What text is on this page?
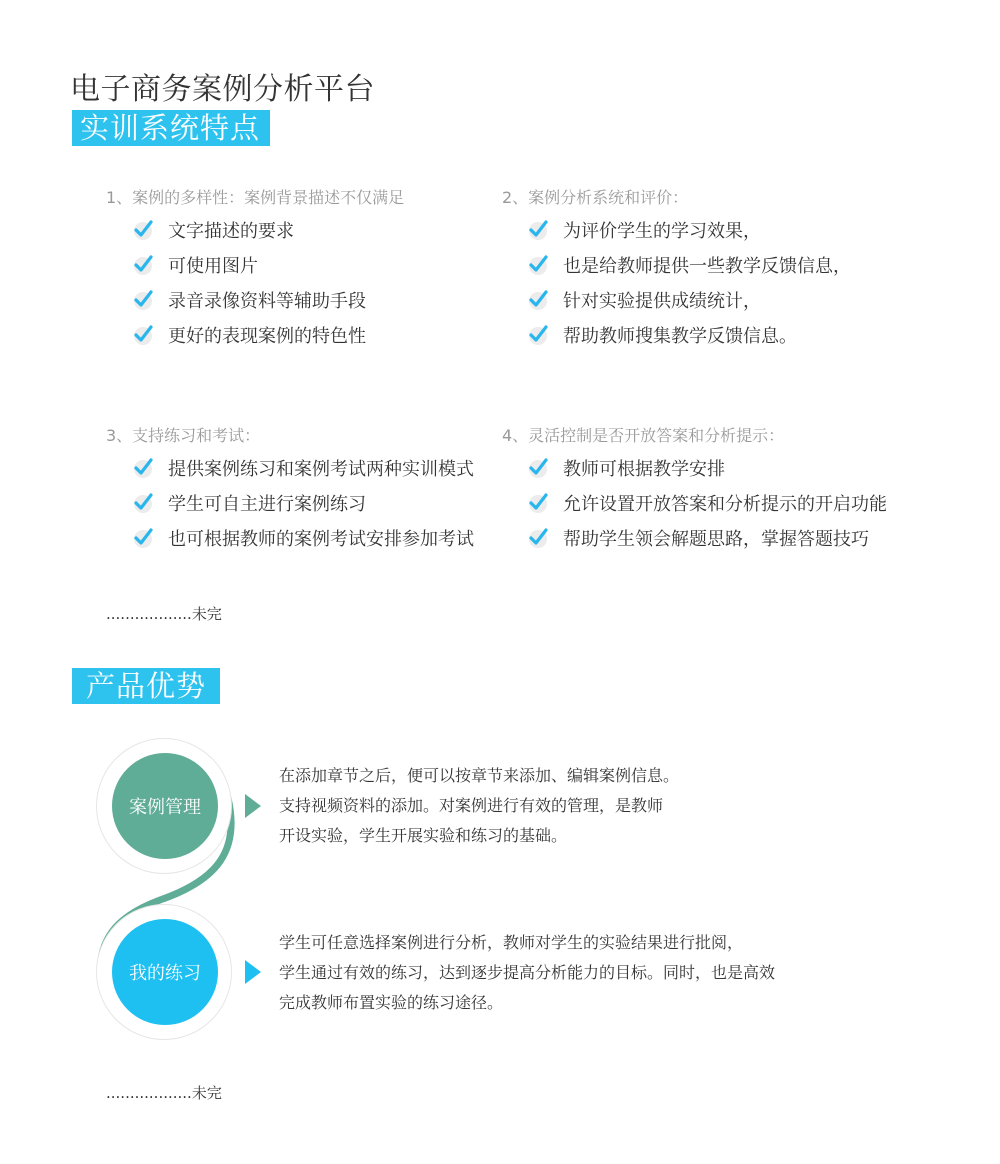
电子商务案例分析平台
实训系统特点
1、案例的多样性：案例背景描述不仅满足
文字描述的要求
可使用图片
录音录像资料等辅助手段
更好的表现案例的特色性
2、案例分析系统和评价：
为评价学生的学习效果，
也是给教师提供一些教学反馈信息，
针对实验提供成绩统计，
帮助教师搜集教学反馈信息。
3、支持练习和考试：
提供案例练习和案例考试两种实训模式
学生可自主进行案例练习
也可根据教师的案例考试安排参加考试
4、灵活控制是否开放答案和分析提示：
教师可根据教学安排
允许设置开放答案和分析提示的开启功能
帮助学生领会解题思路，掌握答题技巧
..................未完
产品优势
案例管理
在添加章节之后，便可以按章节来添加、编辑案例信息。
支持视频资料的添加。对案例进行有效的管理，是教师
开设实验，学生开展实验和练习的基础。
我的练习
学生可任意选择案例进行分析，教师对学生的实验结果进行批阅，
学生通过有效的练习，达到逐步提高分析能力的目标。同时，也是高效
完成教师布置实验的练习途径。
..................未完
